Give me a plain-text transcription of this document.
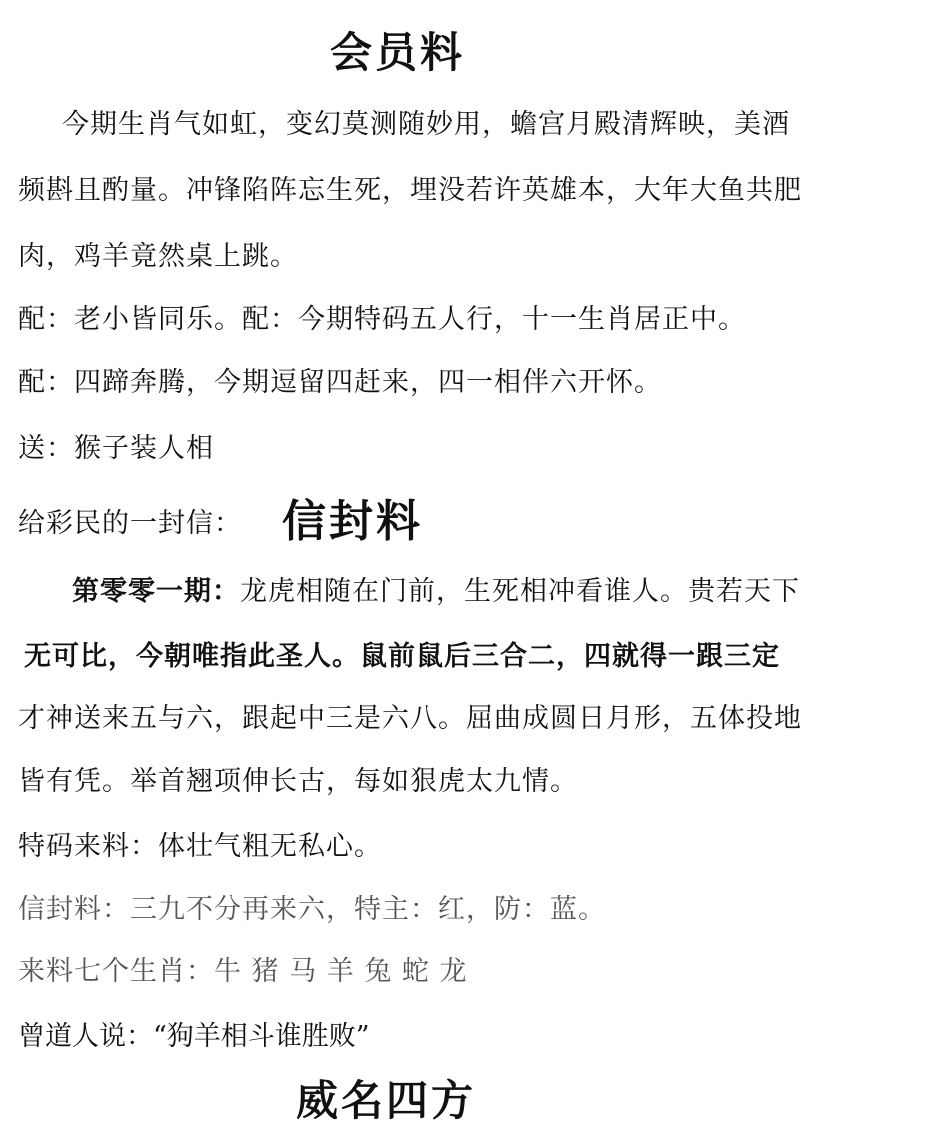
会员料
今期生肖气如虹，变幻莫测随妙用，蟾宫月殿清辉映，美酒
频斟且酌量。冲锋陷阵忘生死，埋没若许英雄本，大年大鱼共肥
肉，鸡羊竟然桌上跳。
配：老小皆同乐。配：今期特码五人行，十一生肖居正中。
配：四蹄奔腾，今期逗留四赶来，四一相伴六开怀。
送：猴子装人相
给彩民的一封信： 信封料
第零零一期：龙虎相随在门前，生死相冲看谁人。贵若天下
无可比，今朝唯指此圣人。鼠前鼠后三合二，四就得一跟三定
才神送来五与六，跟起中三是六八。屈曲成圆日月形，五体投地
皆有凭。举首翘项伸长古，每如狠虎太九情。
特码来料：体壮气粗无私心。
信封料：三九不分再来六，特主：红，防：蓝。
来料七个生肖：牛 猪 马 羊 兔 蛇 龙
曾道人说：“狗羊相斗谁胜败”
威名四方
